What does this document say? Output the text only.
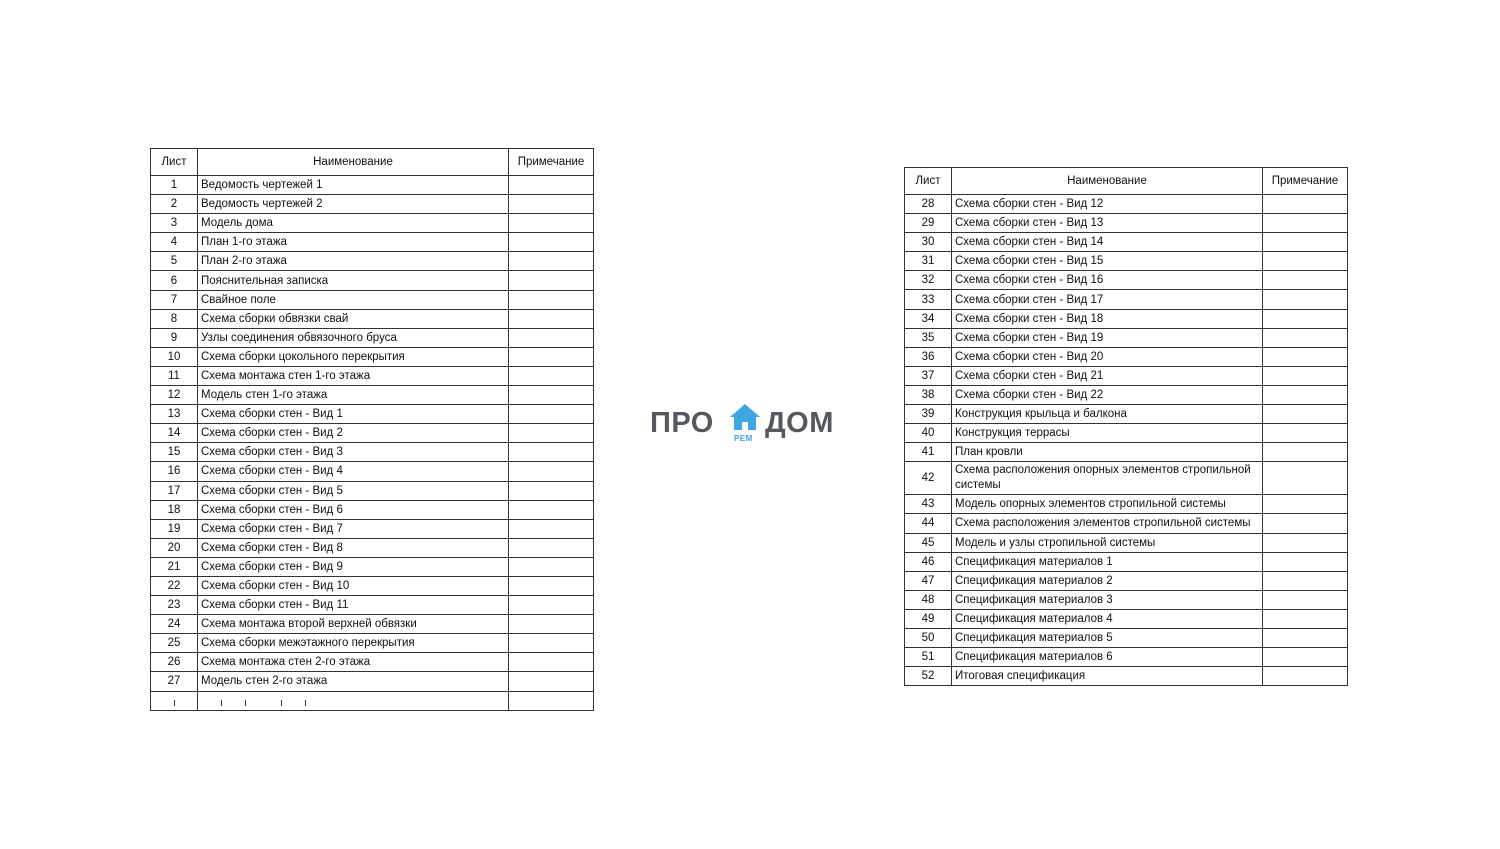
Лист	Наименование	Примечание
1	Ведомость чертежей 1	
2	Ведомость чертежей 2	
3	Модель дома	
4	План 1-го этажа	
5	План 2-го этажа	
6	Пояснительная записка	
7	Свайное поле	
8	Схема сборки обвязки свай	
9	Узлы соединения обвязочного бруса	
10	Схема сборки цокольного перекрытия	
11	Схема монтажа стен 1-го этажа	
12	Модель стен 1-го этажа	
13	Схема сборки стен - Вид 1	
14	Схема сборки стен - Вид 2	
15	Схема сборки стен - Вид 3	
16	Схема сборки стен - Вид 4	
17	Схема сборки стен - Вид 5	
18	Схема сборки стен - Вид 6	
19	Схема сборки стен - Вид 7	
20	Схема сборки стен - Вид 8	
21	Схема сборки стен - Вид 9	
22	Схема сборки стен - Вид 10	
23	Схема сборки стен - Вид 11	
24	Схема монтажа второй верхней обвязки	
25	Схема сборки межэтажного перекрытия	
26	Схема монтажа стен 2-го этажа	
27	Модель стен 2-го этажа	

ПРО	РЕМ ДОМ
Лист	Наименование	Примечание
28	Схема сборки стен - Вид 12	
29	Схема сборки стен - Вид 13	
30	Схема сборки стен - Вид 14	
31	Схема сборки стен - Вид 15	
32	Схема сборки стен - Вид 16	
33	Схема сборки стен - Вид 17	
34	Схема сборки стен - Вид 18	
35	Схема сборки стен - Вид 19	
36	Схема сборки стен - Вид 20	
37	Схема сборки стен - Вид 21	
38	Схема сборки стен - Вид 22	
39	Конструкция крыльца и балкона	
40	Конструкция террасы	
41	План кровли	
42	Схема расположения опорных элементов стропильной системы	
43	Модель опорных элементов стропильной системы	
44	Схема расположения элементов стропильной системы	
45	Модель и узлы стропильной системы	
46	Спецификация материалов 1	
47	Спецификация материалов 2	
48	Спецификация материалов 3	
49	Спецификация материалов 4	
50	Спецификация материалов 5	
51	Спецификация материалов 6	
52	Итоговая спецификация	
